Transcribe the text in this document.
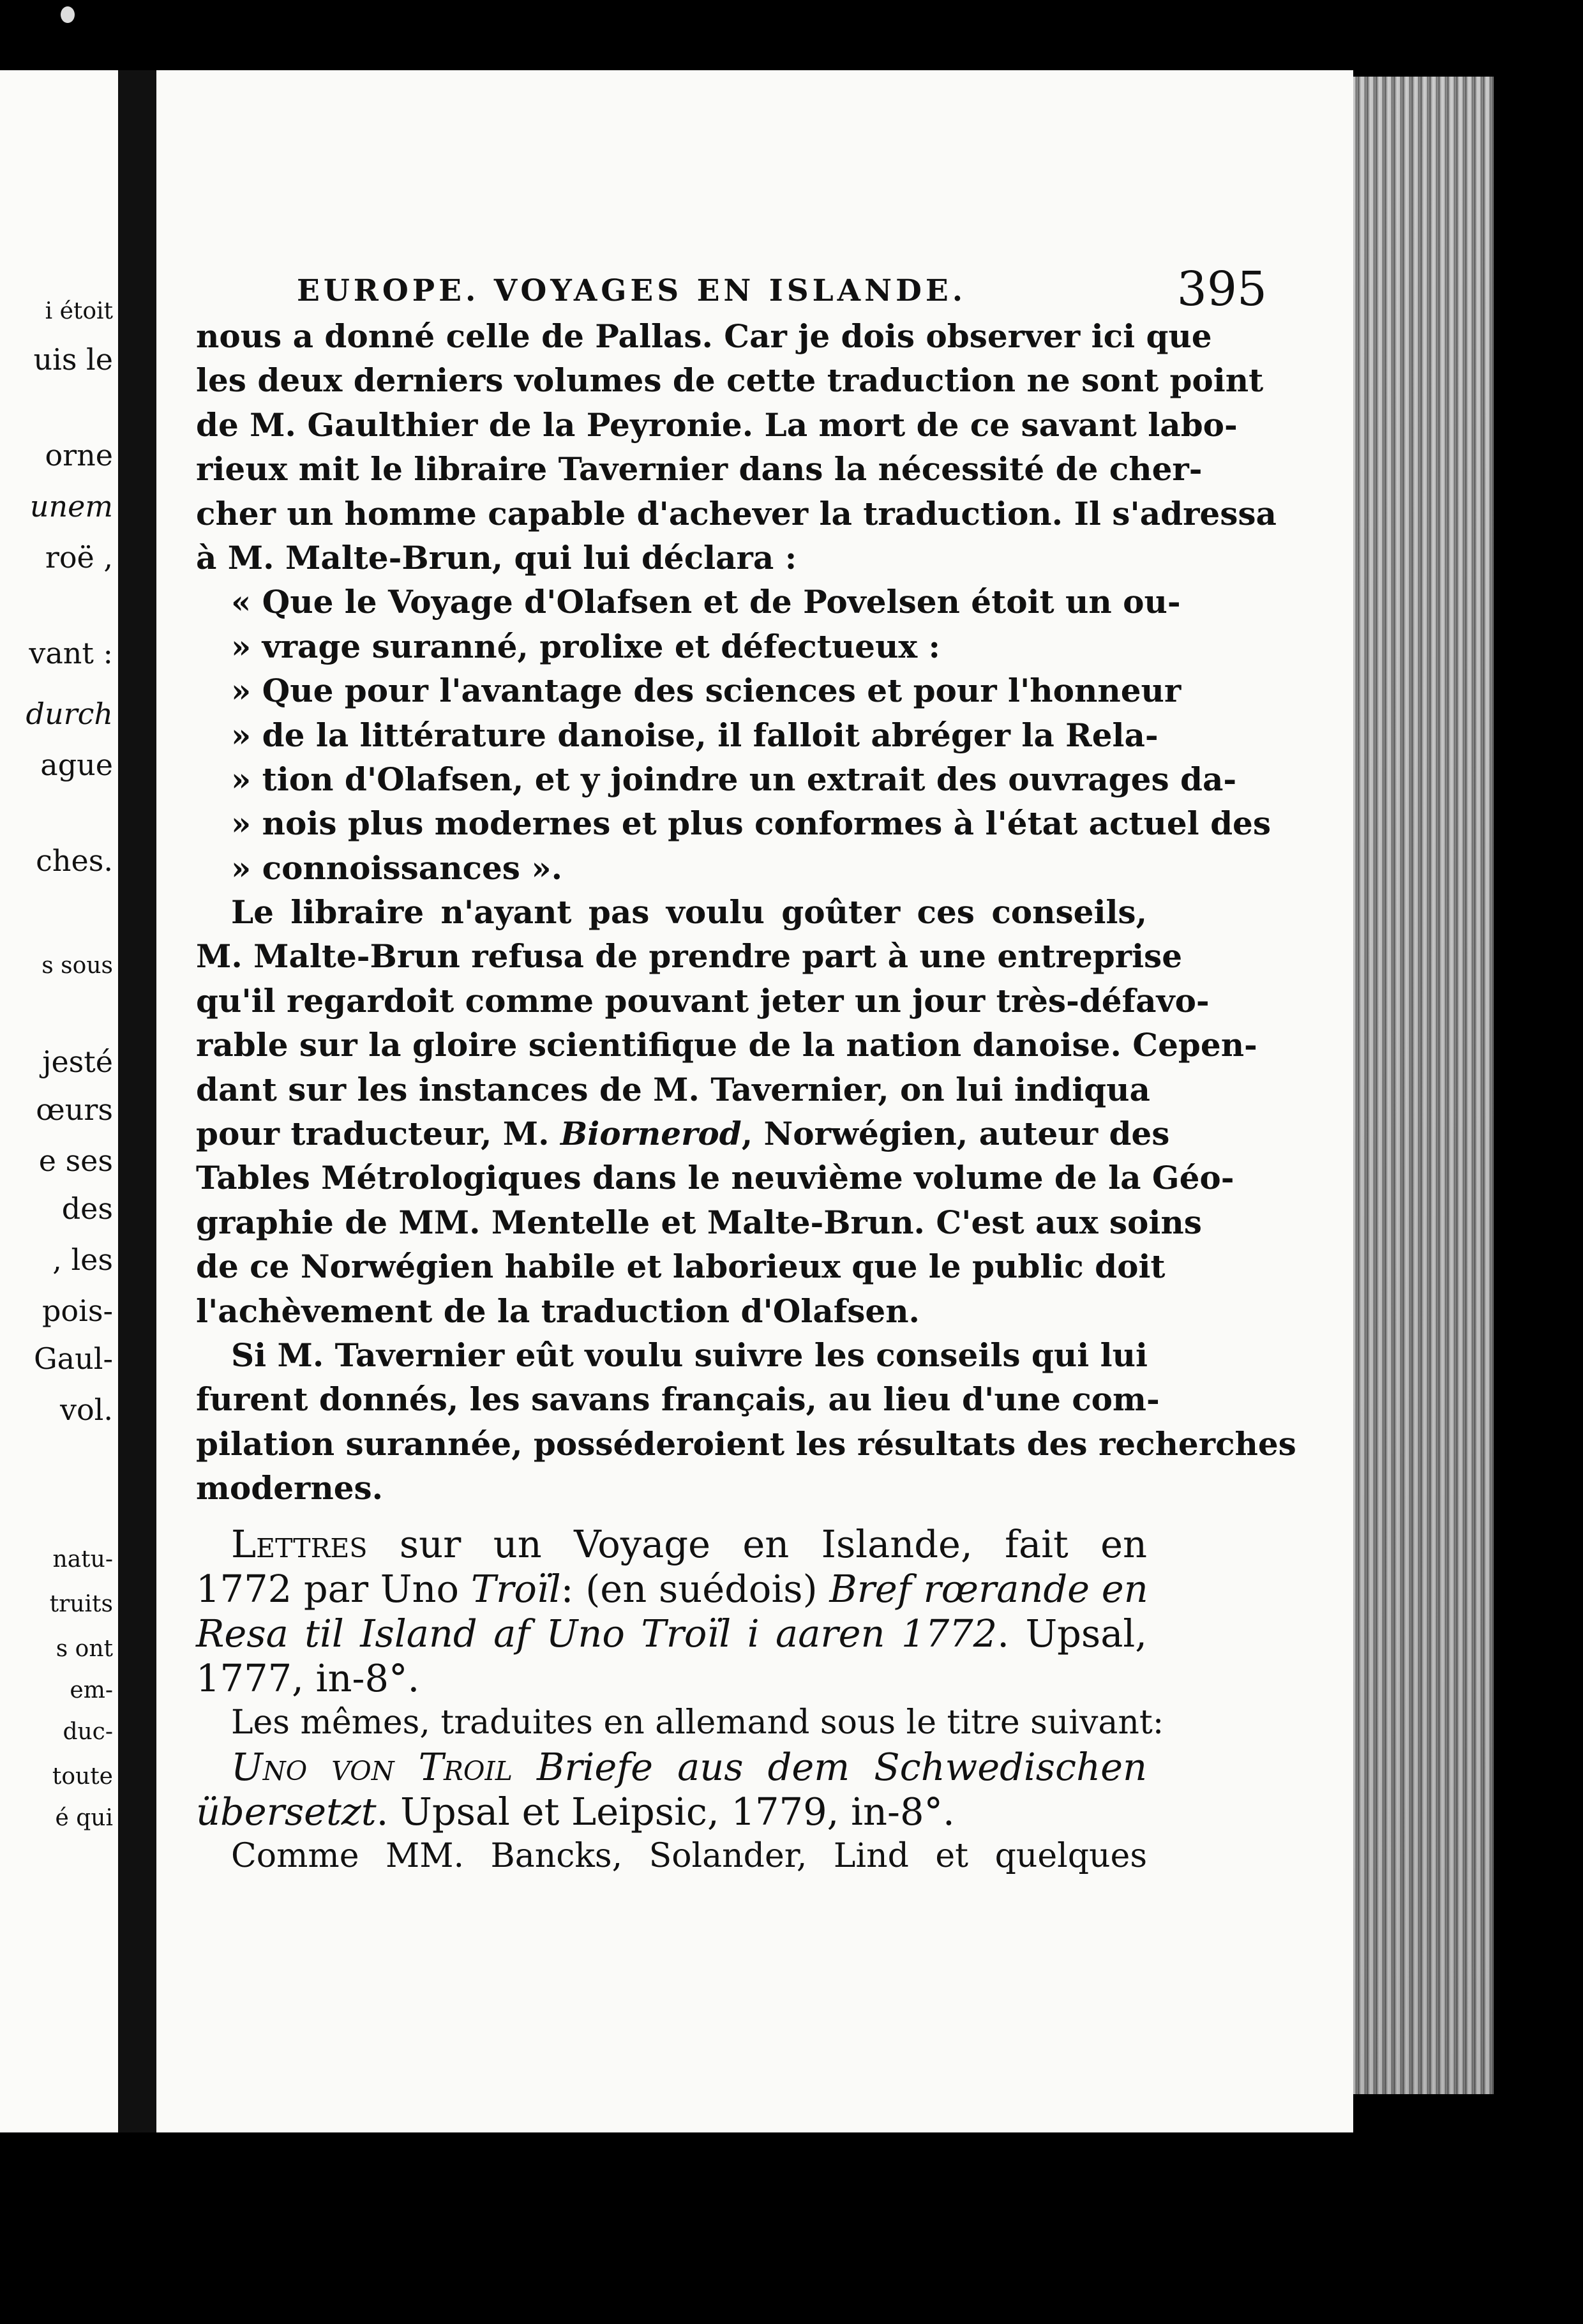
i étoit
uis le
orne
unem
roë ,
vant :
durch
ague
ches.
s sous
jesté
œurs
e ses
des
, les
pois-
Gaul-
vol.
natu-
truits
s ont
em-
duc-
toute
é qui
EUROPE. VOYAGES EN ISLANDE.	395
nous a donné celle de Pallas. Car je dois observer ici que
les deux derniers volumes de cette traduction ne sont point
de M. Gaulthier de la Peyronie. La mort de ce savant labo-
rieux mit le libraire Tavernier dans la nécessité de cher-
cher un homme capable d'achever la traduction. Il s'adressa
à M. Malte-Brun, qui lui déclara :
« Que le Voyage d'Olafsen et de Povelsen étoit un ou-
» vrage suranné, prolixe et défectueux :
» Que pour l'avantage des sciences et pour l'honneur
» de la littérature danoise, il falloit abréger la Rela-
» tion d'Olafsen, et y joindre un extrait des ouvrages da-
» nois plus modernes et plus conformes à l'état actuel des
» connoissances ».
Le libraire n'ayant pas voulu goûter ces conseils,
M. Malte-Brun refusa de prendre part à une entreprise
qu'il regardoit comme pouvant jeter un jour très-défavo-
rable sur la gloire scientifique de la nation danoise. Cepen-
dant sur les instances de M. Tavernier, on lui indiqua
pour traducteur, M. Biornerod, Norwégien, auteur des
Tables Métrologiques dans le neuvième volume de la Géo-
graphie de MM. Mentelle et Malte-Brun. C'est aux soins
de ce Norwégien habile et laborieux que le public doit
l'achèvement de la traduction d'Olafsen.
Si M. Tavernier eût voulu suivre les conseils qui lui
furent donnés, les savans français, au lieu d'une com-
pilation surannée, posséderoient les résultats des recherches
modernes.
Lettres sur un Voyage en Islande, fait en
1772 par Uno Troïl: (en suédois) Bref rœrande en
Resa til Island af Uno Troïl i aaren 1772. Upsal,
1777, in-8°.
Les mêmes, traduites en allemand sous le titre suivant:
Uno von Troil Briefe aus dem Schwedischen
übersetzt. Upsal et Leipsic, 1779, in-8°.
Comme MM. Bancks, Solander, Lind et quelques
